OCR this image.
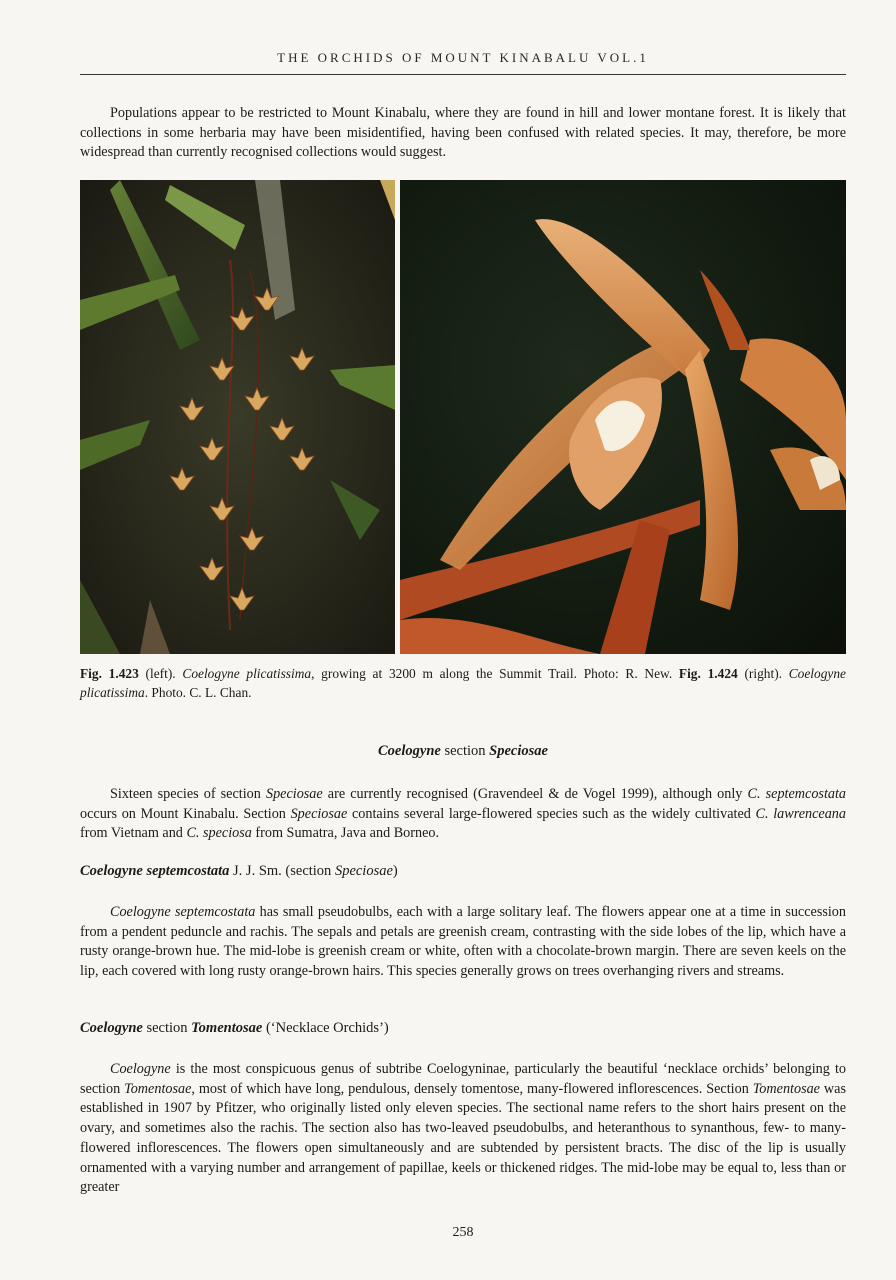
THE ORCHIDS OF MOUNT KINABALU VOL.1

Populations appear to be restricted to Mount Kinabalu, where they are found in hill and lower montane forest. It is likely that collections in some herbaria may have been misidentified, having been confused with related species. It may, therefore, be more widespread than currently recognised collections would suggest.

Fig. 1.423 (left). Coelogyne plicatissima, growing at 3200 m along the Summit Trail. Photo: R. New. Fig. 1.424 (right). Coelogyne plicatissima. Photo. C. L. Chan.

Coelogyne section Speciosae

Sixteen species of section Speciosae are currently recognised (Gravendeel & de Vogel 1999), although only C. septemcostata occurs on Mount Kinabalu. Section Speciosae contains several large-flowered species such as the widely cultivated C. lawrenceana from Vietnam and C. speciosa from Sumatra, Java and Borneo.

Coelogyne septemcostata J. J. Sm. (section Speciosae)

Coelogyne septemcostata has small pseudobulbs, each with a large solitary leaf. The flowers appear one at a time in succession from a pendent peduncle and rachis. The sepals and petals are greenish cream, contrasting with the side lobes of the lip, which have a rusty orange-brown hue. The mid-lobe is greenish cream or white, often with a chocolate-brown margin. There are seven keels on the lip, each covered with long rusty orange-brown hairs. This species generally grows on trees overhanging rivers and streams.

Coelogyne section Tomentosae (‘Necklace Orchids’)

Coelogyne is the most conspicuous genus of subtribe Coelogyninae, particularly the beautiful ‘necklace orchids’ belonging to section Tomentosae, most of which have long, pendulous, densely tomentose, many-flowered inflorescences. Section Tomentosae was established in 1907 by Pfitzer, who originally listed only eleven species. The sectional name refers to the short hairs present on the ovary, and sometimes also the rachis. The section also has two-leaved pseudobulbs, and heteranthous to synanthous, few- to many-flowered inflorescences. The flowers open simultaneously and are subtended by persistent bracts. The disc of the lip is usually ornamented with a varying number and arrangement of papillae, keels or thickened ridges. The mid-lobe may be equal to, less than or greater

258
